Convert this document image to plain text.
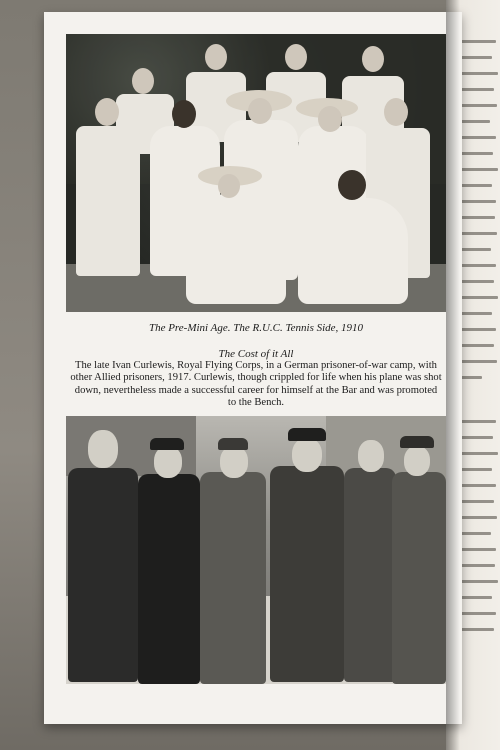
The Pre-Mini Age. The R.U.C. Tennis Side, 1910
The Cost of it All
The late Ivan Curlewis, Royal Flying Corps, in a German prisoner-of-war camp, with other Allied prisoners, 1917. Curlewis, though crippled for life when his plane was shot down, nevertheless made a successful career for himself at the Bar and was promoted to the Bench.
